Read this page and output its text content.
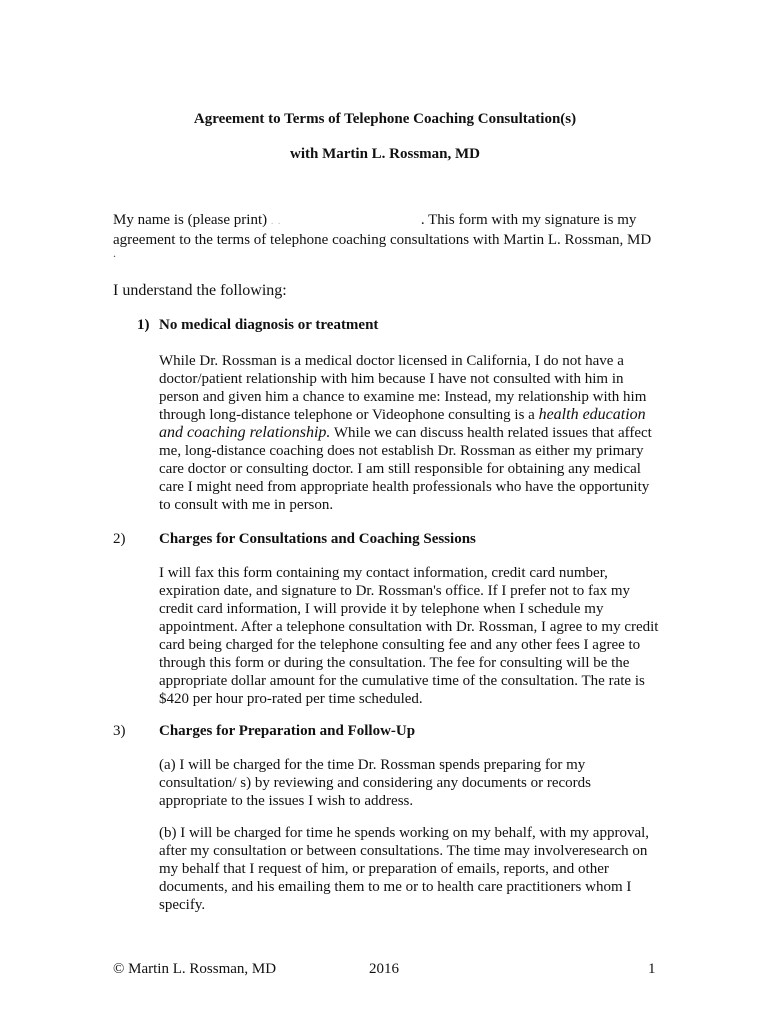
Agreement to Terms of Telephone Coaching Consultation(s)
with Martin L. Rossman, MD
My name is (please print) . .	. This form with my signature is my agreement to the terms of telephone coaching consultations with Martin L. Rossman, MD
.
I understand the following:
1) No medical diagnosis or treatment
While Dr. Rossman is a medical doctor licensed in California, I do not have a doctor/patient relationship with him because I have not consulted with him in person and given him a chance to examine me: Instead, my relationship with him through long-distance telephone or Videophone consulting is a health education and coaching relationship. While we can discuss health related issues that affect me, long-distance coaching does not establish Dr. Rossman as either my primary care doctor or consulting doctor. I am still responsible for obtaining any medical care I might need from appropriate health professionals who have the opportunity to consult with me in person.
2) Charges for Consultations and Coaching Sessions
I will fax this form containing my contact information, credit card number, expiration date, and signature to Dr. Rossman's office. If I prefer not to fax my credit card information, I will provide it by telephone when I schedule my appointment. After a telephone consultation with Dr. Rossman, I agree to my credit card being charged for the telephone consulting fee and any other fees I agree to through this form or during the consultation. The fee for consulting will be the appropriate dollar amount for the cumulative time of the consultation. The rate is $420 per hour pro-rated per time scheduled.
3) Charges for Preparation and Follow-Up
(a) I will be charged for the time Dr. Rossman spends preparing for my consultation/ s) by reviewing and considering any documents or records appropriate to the issues I wish to address.
(b) I will be charged for time he spends working on my behalf, with my approval, after my consultation or between consultations. The time may involveresearch on my behalf that I request of him, or preparation of emails, reports, and other documents, and his emailing them to me or to health care practitioners whom I specify.
© Martin L. Rossman, MD	2016	1
